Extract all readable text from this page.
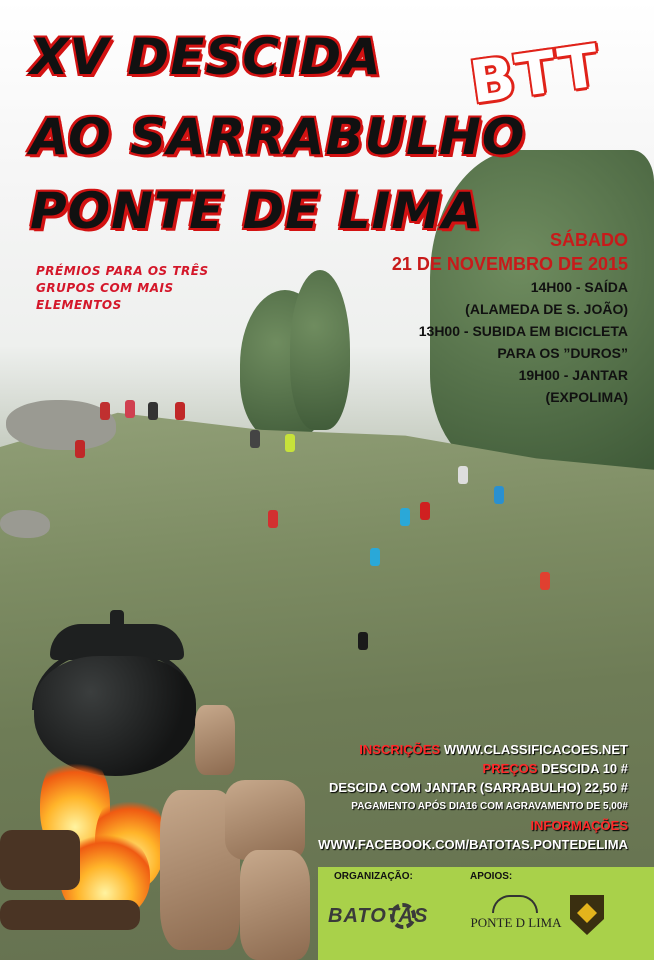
XV DESCIDA
AO SARRABULHO
PONTE DE LIMA
BTT
PRÉMIOS PARA OS TRÊS
GRUPOS COM MAIS
ELEMENTOS
SÁBADO
21 DE NOVEMBRO DE 2015
14H00 - SAÍDA
(ALAMEDA DE S. JOÃO)
13H00 - SUBIDA EM BICICLETA
PARA OS ”DUROS”
19H00 - JANTAR
(EXPOLIMA)
INSCRIÇÕES WWW.CLASSIFICACOES.NET
PREÇOS DESCIDA 10 #
DESCIDA COM JANTAR (SARRABULHO) 22,50 #
PAGAMENTO APÓS DIA16 COM AGRAVAMENTO DE 5,00#
INFORMAÇÕES
WWW.FACEBOOK.COM/BATOTAS.PONTEDELIMA
ORGANIZAÇÃO:	APOIOS:
BATOTAS	PONTE D LIMA
